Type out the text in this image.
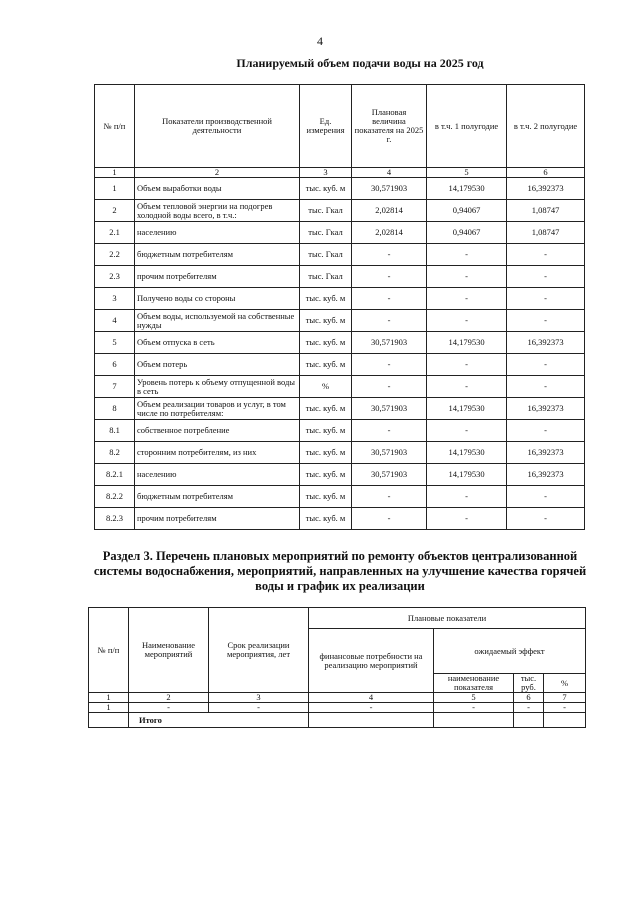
4
Планируемый объем подачи воды на 2025 год
№ п/п	Показатели производственной деятельности	Ед. измерения	Плановая величина показателя на 2025 г.	в т.ч. 1 полугодие	в т.ч. 2 полугодие
1	2	3	4	5	6
1	Объем выработки воды	тыс. куб. м	30,571903	14,179530	16,392373
2	Объем тепловой энергии на подогрев холодной воды всего, в т.ч.:	тыс. Гкал	2,02814	0,94067	1,08747
2.1	населению	тыс. Гкал	2,02814	0,94067	1,08747
2.2	бюджетным потребителям	тыс. Гкал	-	-	-
2.3	прочим потребителям	тыс. Гкал	-	-	-
3	Получено воды со стороны	тыс. куб. м	-	-	-
4	Объем воды, используемой на собственные нужды	тыс. куб. м	-	-	-
5	Объем отпуска в сеть	тыс. куб. м	30,571903	14,179530	16,392373
6	Объем потерь	тыс. куб. м	-	-	-
7	Уровень потерь к объему отпущенной воды в сеть	%	-	-	-
8	Объем реализации товаров и услуг, в том числе по потребителям:	тыс. куб. м	30,571903	14,179530	16,392373
8.1	собственное потребление	тыс. куб. м	-	-	-
8.2	сторонним потребителям, из них	тыс. куб. м	30,571903	14,179530	16,392373
8.2.1	населению	тыс. куб. м	30,571903	14,179530	16,392373
8.2.2	бюджетным потребителям	тыс. куб. м	-	-	-
8.2.3	прочим потребителям	тыс. куб. м	-	-	-
Раздел 3. Перечень плановых мероприятий по ремонту объектов централизованной системы водоснабжения, мероприятий, направленных на улучшение качества горячей воды и график их реализации
№ п/п	Наименование мероприятий	Срок реализации мероприятия, лет	Плановые показатели			
			финансовые потребности на реализацию мероприятий	ожидаемый эффект		
				наименование показателя	тыс. руб.	%
1	2	3	4	5	6	7
1	-	-	-	-	-	-
	Итого					
